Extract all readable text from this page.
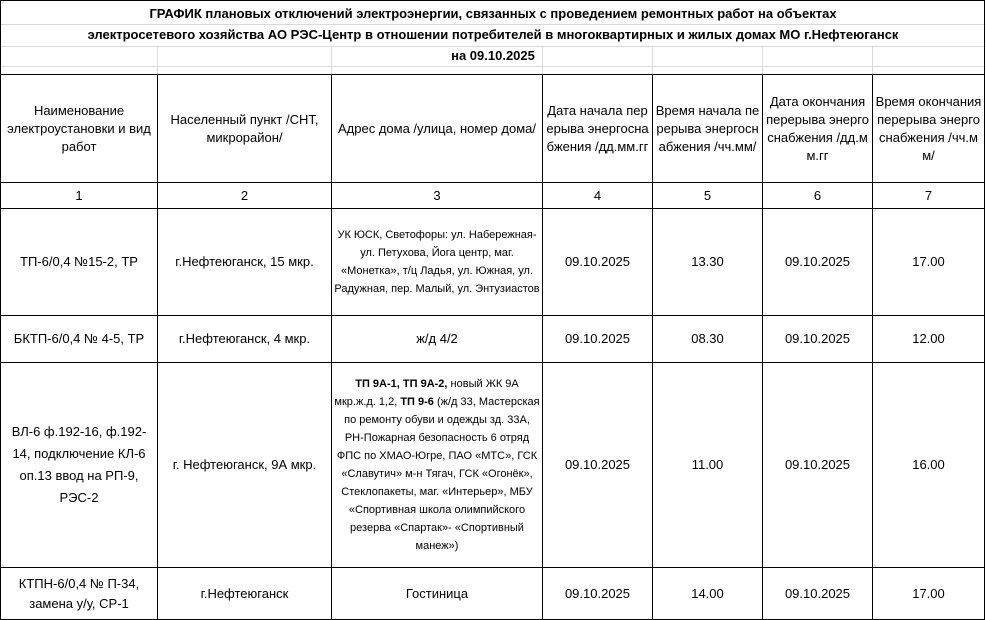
ГРАФИК плановых отключений электроэнергии, связанных с проведением ремонтных работ на объектах
электросетевого хозяйства АО РЭС-Центр в отношении потребителей в многоквартирных и жилых домах МО г.Нефтеюганск
на 09.10.2025
Наименование электроустановки и вид работ	Населенный пункт /СНТ, микрорайон/	Адрес дома /улица, номер дома/	Дата начала перерыва энергоснабжения /дд.мм.гг	Время начала перерыва энергоснабжения /чч.мм/	Дата окончания перерыва энергоснабжения /дд.мм.гг	Время окончания перерыва энергоснабжения /чч.мм/
1	2	3	4	5	6	7
ТП-6/0,4 №15-2, ТР	г.Нефтеюганск, 15 мкр.	УК ЮСК, Светофоры: ул. Набережная- ул. Петухова, Йога центр, маг. «Монетка», т/ц Ладья, ул. Южная, ул. Радужная, пер. Малый, ул. Энтузиастов	09.10.2025	13.30	09.10.2025	17.00
БКТП-6/0,4 № 4-5, ТР	г.Нефтеюганск, 4 мкр.	ж/д 4/2	09.10.2025	08.30	09.10.2025	12.00
ВЛ-6 ф.192-16, ф.192-14, подключение КЛ-6 оп.13 ввод на РП-9, РЭС-2	г. Нефтеюганск, 9А мкр.	ТП 9А-1, ТП 9А-2, новый ЖК 9А мкр.ж.д. 1,2, ТП 9-6 (ж/д 33, Мастерская по ремонту обуви и одежды зд. 33А, РН-Пожарная безопасность 6 отряд ФПС по ХМАО-Югре, ПАО «МТС», ГСК «Славутич» м-н Тягач, ГСК «Огонёк», Стеклопакеты, маг. «Интерьер», МБУ «Спортивная школа олимпийского резерва «Спартак»- «Спортивный манеж»)	09.10.2025	11.00	09.10.2025	16.00
КТПН-6/0,4 № П-34, замена у/у, СР-1	г.Нефтеюганск	Гостиница	09.10.2025	14.00	09.10.2025	17.00
